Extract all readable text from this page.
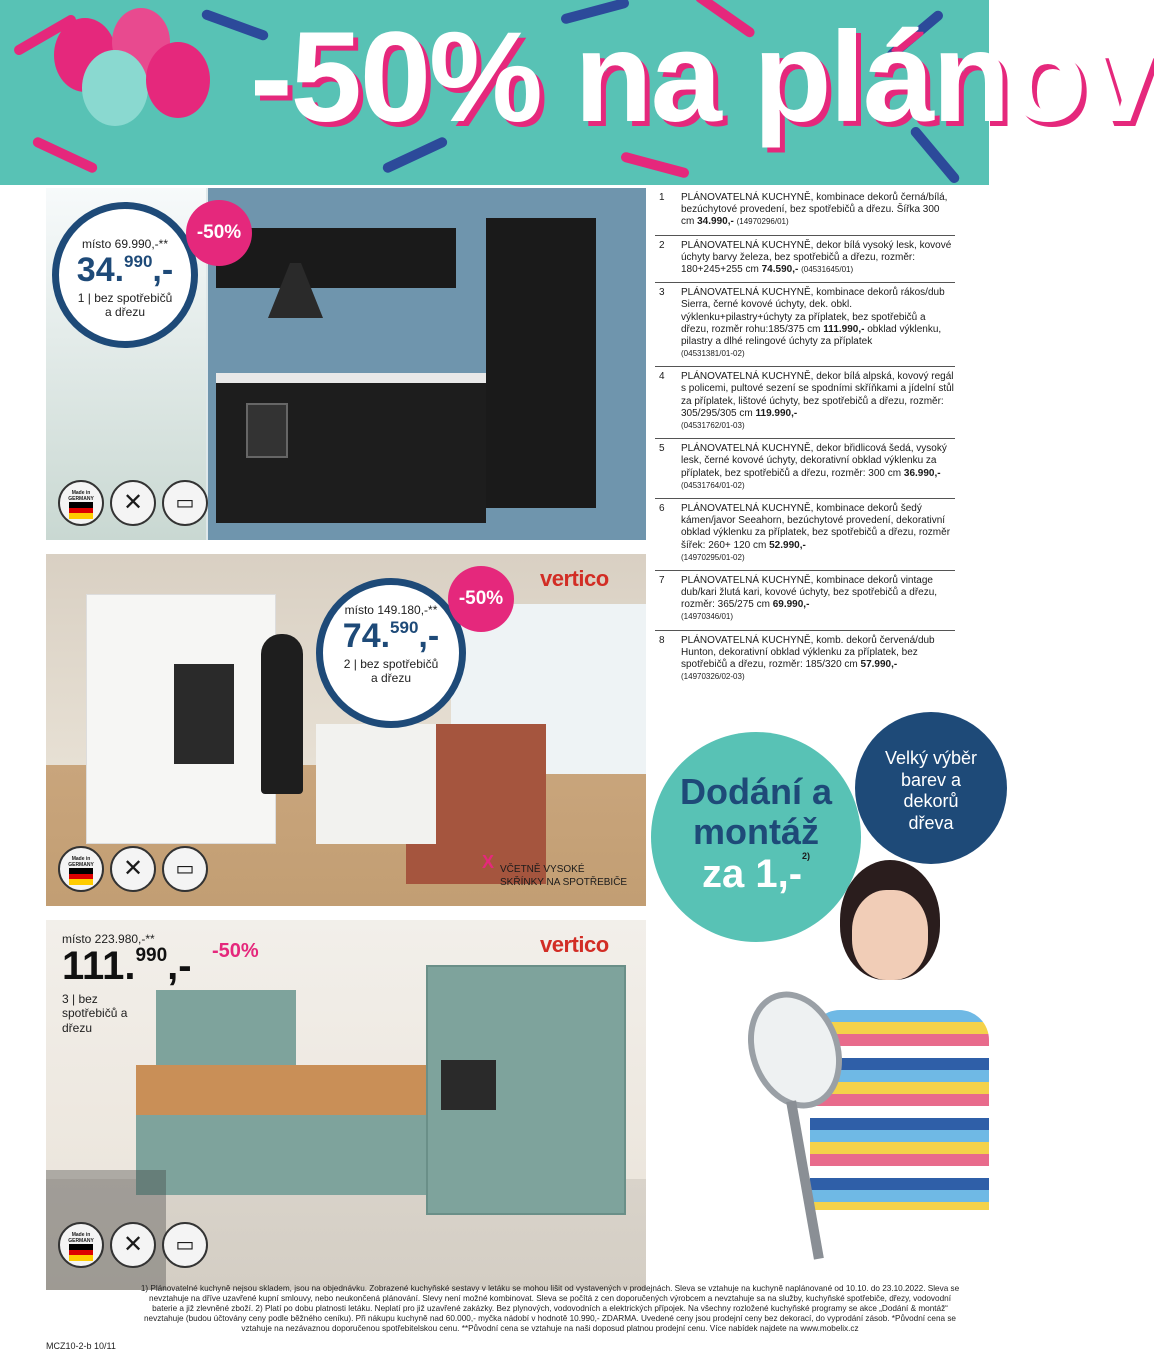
-50% na plánov
místo 69.990,-**
34.$^{990}$,-
1 | bez spotřebičů a dřezu
-50%
Made in GERMANY	✕	▭
vertico
místo 149.180,-**
74.$^{590}$,-
2 | bez spotřebičů a dřezu
-50%
Made in GERMANY	✕	▭	X VČETNĚ VYSOKÉ SKŘÍNKY NA SPOTŘEBIČE
vertico
místo 223.980,-**
111.$^{990}$,-
3 | bez spotřebičů a dřezu
-50%
Made in GERMANY	✕	▭
1 PLÁNOVATELNÁ KUCHYNĚ, kombinace dekorů černá/bílá, bezúchytové provedení, bez spotřebičů a dřezu. Šířka 300 cm 34.990,- (14970296/01)
2 PLÁNOVATELNÁ KUCHYNĚ, dekor bílá vysoký lesk, kovové úchyty barvy železa, bez spotřebičů a dřezu, rozměr: 180+245+255 cm 74.590,- (04531645/01)
3 PLÁNOVATELNÁ KUCHYNĚ, kombinace dekorů rákos/dub Sierra, černé kovové úchyty, dek. obkl. výklenku+pilastry+úchyty za příplatek, bez spotřebičů a dřezu, rozměr rohu:185/375 cm 111.990,- obklad výklenku, pilastry a dlhé relingové úchyty za příplatek
(04531381/01-02)
4 PLÁNOVATELNÁ KUCHYNĚ, dekor bílá alpská, kovový regál s policemi, pultové sezení se spodními skříňkami a jídelní stůl za příplatek, lištové úchyty, bez spotřebičů a dřezu, rozměr: 305/295/305 cm 119.990,-
(04531762/01-03)
5 PLÁNOVATELNÁ KUCHYNĚ, dekor břidlicová šedá, vysoký lesk, černé kovové úchyty, dekorativní obklad výklenku za příplatek, bez spotřebičů a dřezu, rozměr: 300 cm 36.990,- (04531764/01-02)
6 PLÁNOVATELNÁ KUCHYNĚ, kombinace dekorů šedý kámen/javor Seeahorn, bezúchytové provedení, dekorativní obklad výklenku za příplatek, bez spotřebičů a dřezu, rozměr šířek: 260+ 120 cm 52.990,-
(14970295/01-02)
7 PLÁNOVATELNÁ KUCHYNĚ, kombinace dekorů vintage dub/kari žlutá kari, kovové úchyty, bez spotřebičů a dřezu, rozměr: 365/275 cm 69.990,-
(14970346/01)
8 PLÁNOVATELNÁ KUCHYNĚ, komb. dekorů červená/dub Hunton, dekorativní obklad výklenku za příplatek, bez spotřebičů a dřezu, rozměr: 185/320 cm 57.990,-
(14970326/02-03)
Dodání a
montáž
za 1,-$^{2)}$
Velký výběr
barev a
dekorů
dřeva
1) Plánovatelné kuchyně nejsou skladem, jsou na objednávku. Zobrazené kuchyňské sestavy v letáku se mohou lišit od vystavených v prodejnách. Sleva se vztahuje na kuchyně naplánované od 10.10. do 23.10.2022. Sleva se nevztahuje na dříve uzavřené kupní smlouvy, nebo neukončená plánování. Slevy není možné kombinovat. Sleva se počítá z cen doporučených výrobcem a nevztahuje sa na služby, kuchyňské spotřebiče, dřezy, vodovodní baterie a již zlevněné zboží. 2) Platí po dobu platnosti letáku. Neplatí pro již uzavřené zakázky. Bez plynových, vodovodních a elektrických přípojek. Na všechny rozložené kuchyňské programy se akce „Dodání & montáž“ nevztahuje (budou účtovány ceny podle běžného ceníku). Při nákupu kuchyně nad 60.000,- myčka nádobí v hodnotě 10.990,- ZDARMA. Uvedené ceny jsou prodejní ceny bez dekorací, do vyprodání zásob. *Původní cena se vztahuje na nezávaznou doporučenou spotřebitelskou cenu. **Původní cena se vztahuje na naši doposud platnou prodejní cenu. Více nabídek najdete na www.mobelix.cz
MCZ10-2-b 10/11
